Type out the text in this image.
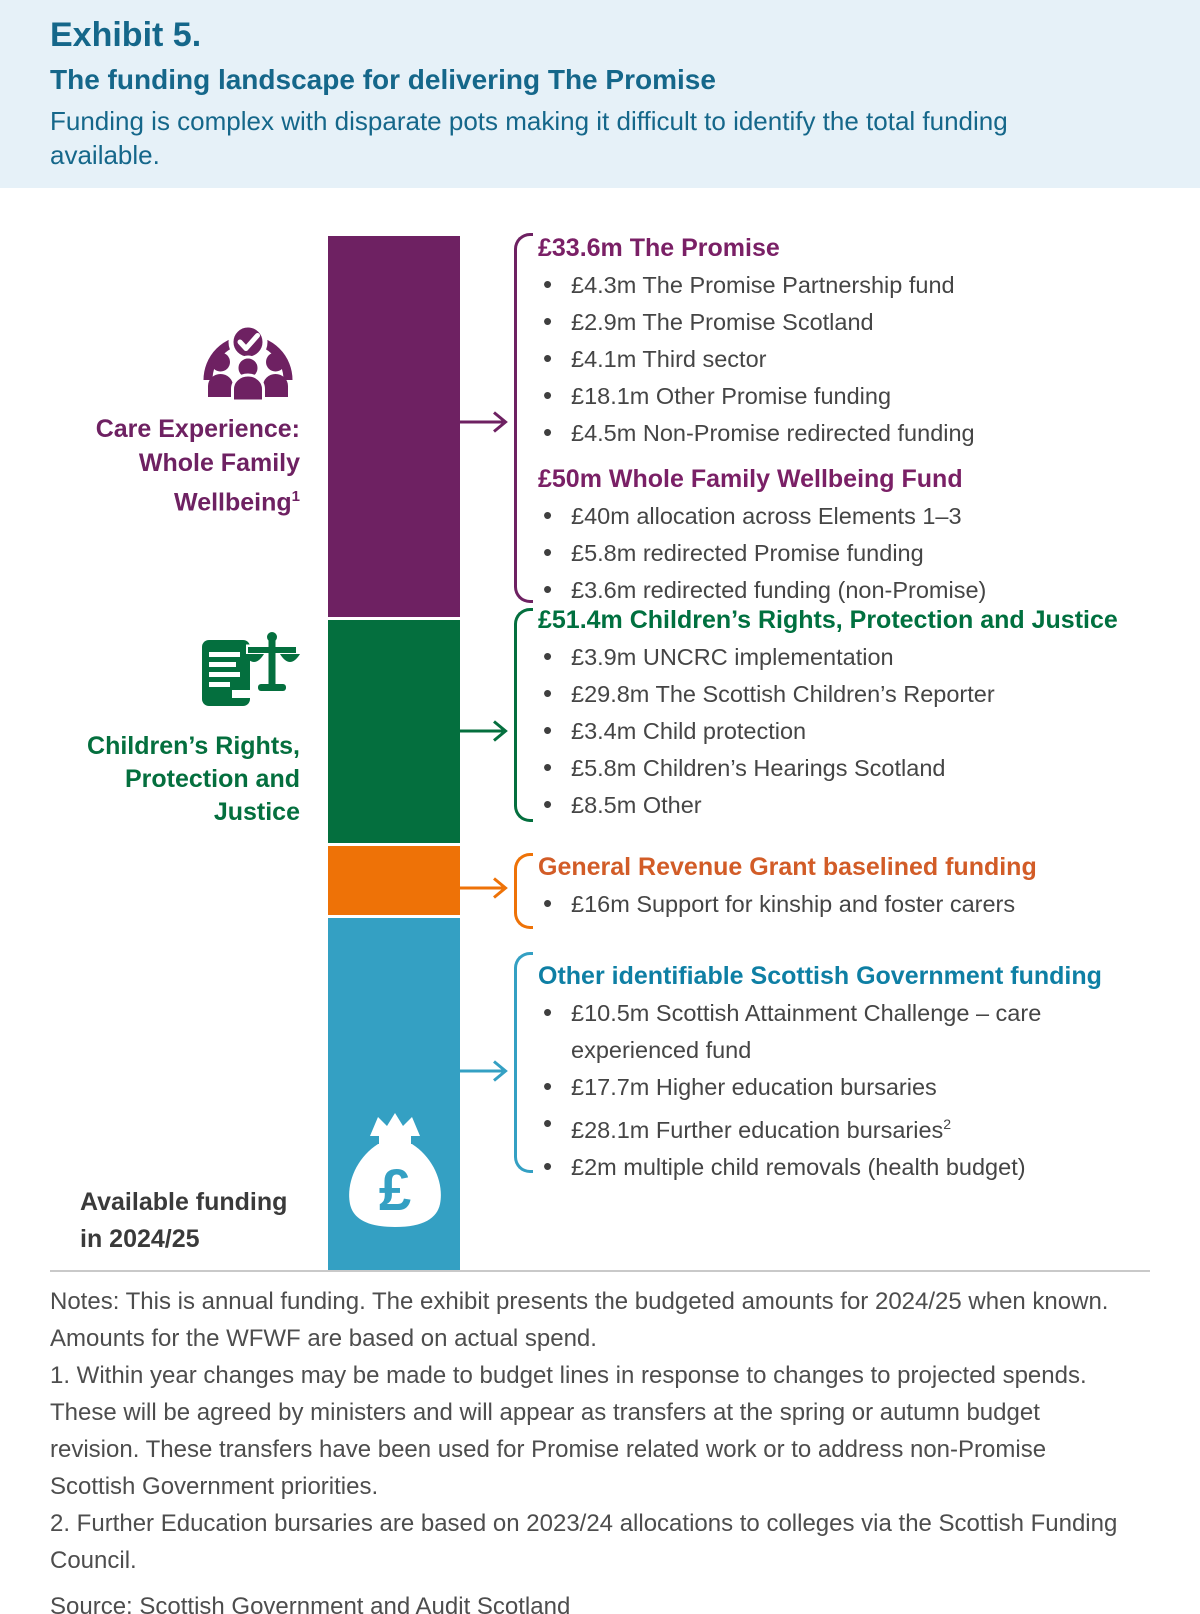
Exhibit 5.
The funding landscape for delivering The Promise
Funding is complex with disparate pots making it difficult to identify the total funding available.
£
Care Experience:
Whole Family
Wellbeing$^1$
Children’s Rights,
Protection and
Justice
Available funding
in 2024/25
£33.6m The Promise
• £4.3m The Promise Partnership fund
• £2.9m The Promise Scotland
• £4.1m Third sector
• £18.1m Other Promise funding
• £4.5m Non-Promise redirected funding
£50m Whole Family Wellbeing Fund
• £40m allocation across Elements 1–3
• £5.8m redirected Promise funding
• £3.6m redirected funding (non-Promise)
£51.4m Children’s Rights, Protection and Justice
• £3.9m UNCRC implementation
• £29.8m The Scottish Children’s Reporter
• £3.4m Child protection
• £5.8m Children’s Hearings Scotland
• £8.5m Other
General Revenue Grant baselined funding
• £16m Support for kinship and foster carers
Other identifiable Scottish Government funding
• £10.5m Scottish Attainment Challenge – care experienced fund
• £17.7m Higher education bursaries
• £28.1m Further education bursaries$^2$
• £2m multiple child removals (health budget)

Notes: This is annual funding. The exhibit presents the budgeted amounts for 2024/25 when known. Amounts for the WFWF are based on actual spend.

1. Within year changes may be made to budget lines in response to changes to projected spends. These will be agreed by ministers and will appear as transfers at the spring or autumn budget revision. These transfers have been used for Promise related work or to address non-Promise Scottish Government priorities.

2. Further Education bursaries are based on 2023/24 allocations to colleges via the Scottish Funding Council.

Source: Scottish Government and Audit Scotland
